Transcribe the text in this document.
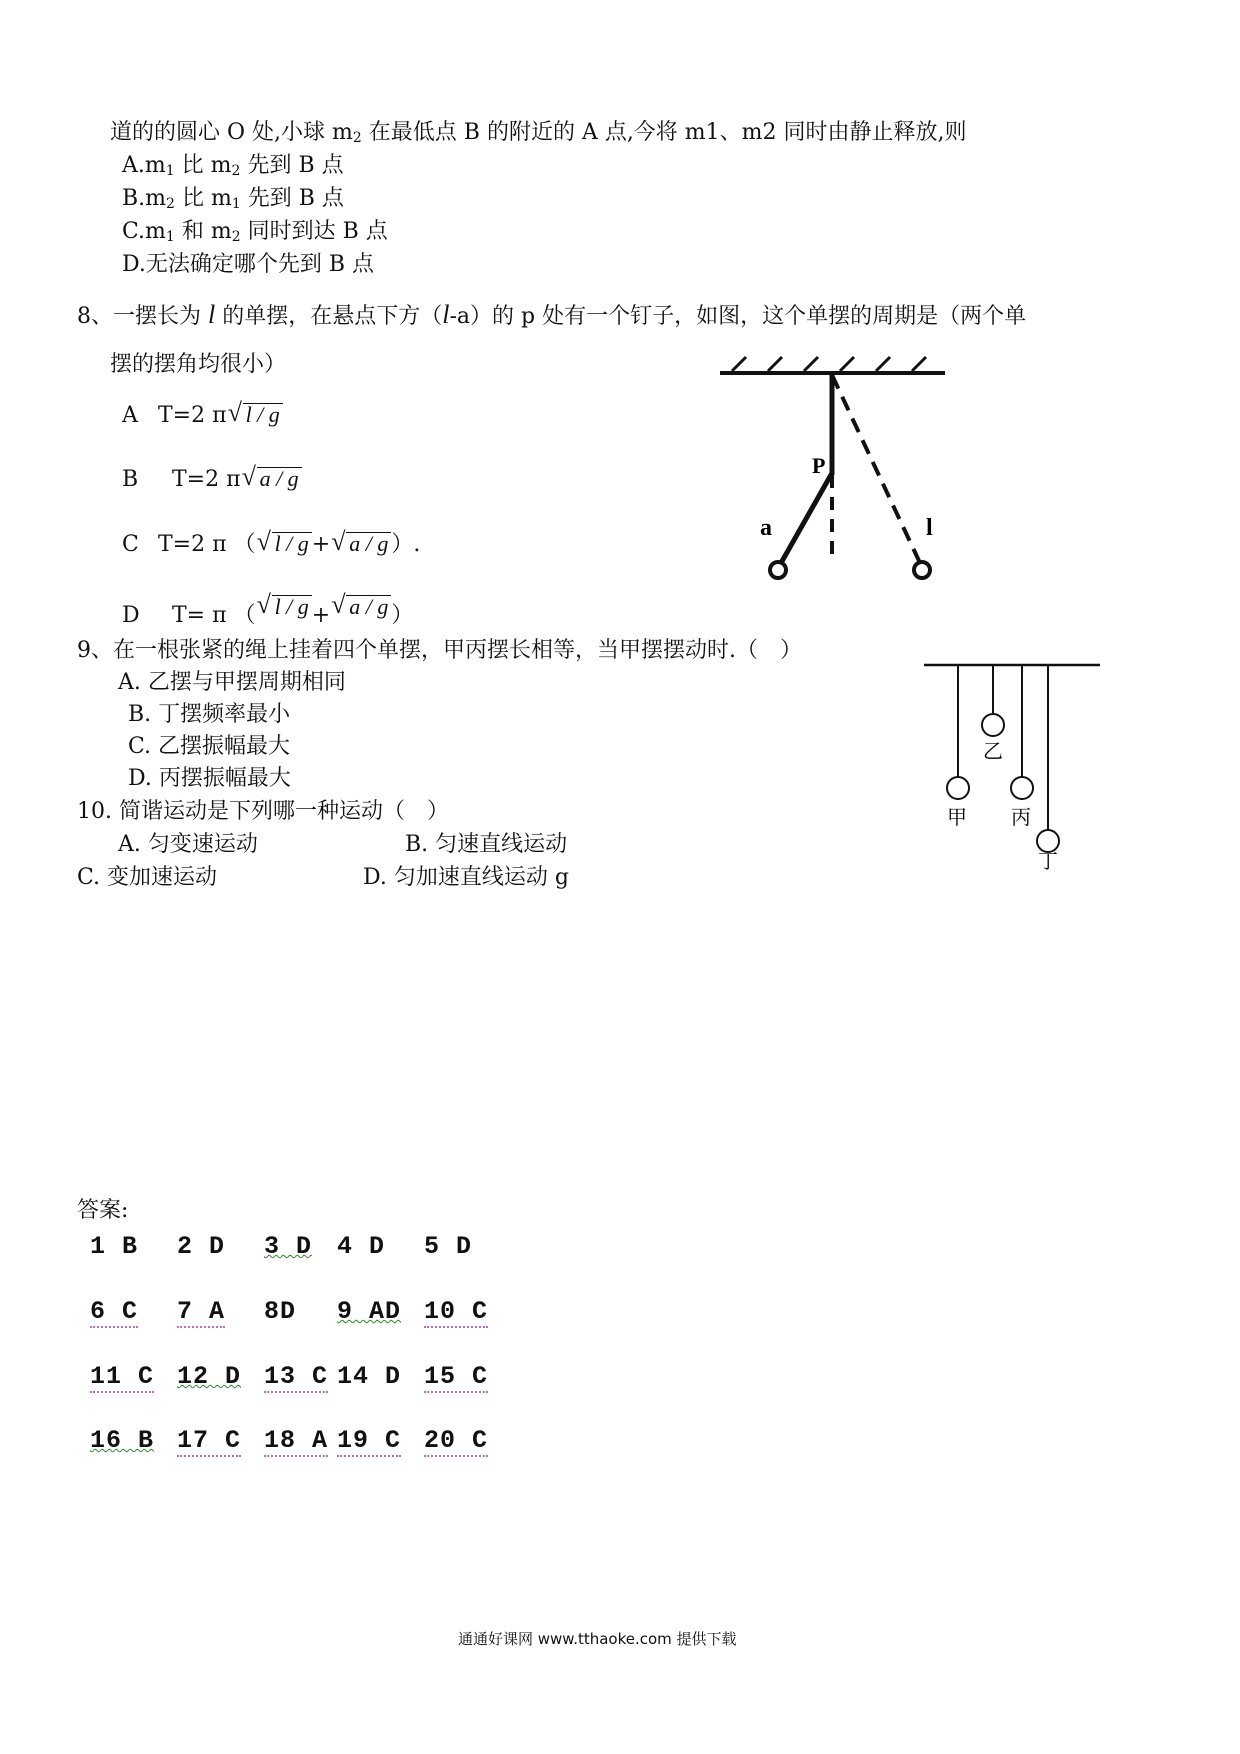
道的的圆心 O 处,小球 $m_2$ 在最低点 B 的附近的 A 点,今将 m1、m2 同时由静止释放,则
$A.m_1$ 比 $m_2$ 先到 B 点
$B.m_2$ 比 $m_1$ 先到 B 点
$C.m_1$ 和 $m_2$ 同时到达 B 点
D.无法确定哪个先到 B 点
8、一摆长为 l 的单摆，在悬点下方（l-a）的 p 处有一个钉子，如图，这个单摆的周期是（两个单
摆的摆角均很小）
A T=2 π √ l / g
B T=2 π √ a / g
C T=2 π （ √ l / g + √ a / g ）.
D T= π （ √ l / g + √ a / g ）
P
a	l
9、在一根张紧的绳上挂着四个单摆，甲丙摆长相等，当甲摆摆动时.（　）
A. 乙摆与甲摆周期相同
B. 丁摆频率最小
C. 乙摆振幅最大
D. 丙摆振幅最大
甲
乙
丙
丁
10. 简谐运动是下列哪一种运动（　）
A. 匀变速运动	B. 匀速直线运动
C. 变加速运动	D. 匀加速直线运动 g
答案:
1 B 2 D 3 D 4 D 5 D
6 C 7 A 8D 9 AD 10 C
11 C 12 D 13 C 14 D 15 C
16 B 17 C 18 A 19 C 20 C
通通好课网 www.tthaoke.com 提供下载
